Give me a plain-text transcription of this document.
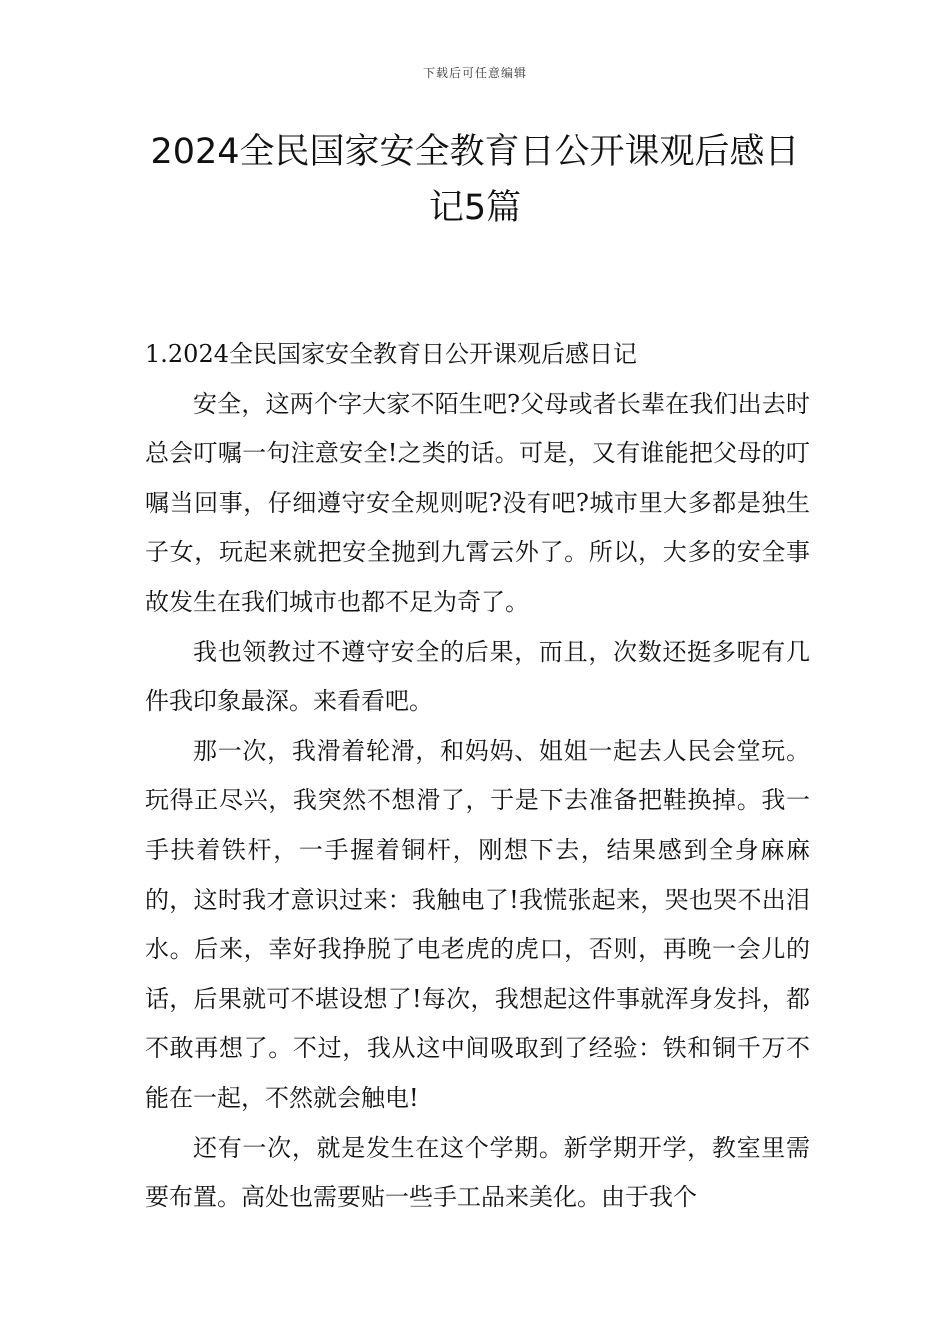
下载后可任意编辑
2024全民国家安全教育日公开课观后感日
记5篇

1.2024全民国家安全教育日公开课观后感日记

安全，这两个字大家不陌生吧?父母或者长辈在我们出去时总会叮嘱一句注意安全!之类的话。可是，又有谁能把父母的叮嘱当回事，仔细遵守安全规则呢?没有吧?城市里大多都是独生子女，玩起来就把安全抛到九霄云外了。所以，大多的安全事故发生在我们城市也都不足为奇了。

我也领教过不遵守安全的后果，而且，次数还挺多呢有几件我印象最深。来看看吧。

那一次，我滑着轮滑，和妈妈、姐姐一起去人民会堂玩。玩得正尽兴，我突然不想滑了，于是下去准备把鞋换掉。我一手扶着铁杆，一手握着铜杆，刚想下去，结果感到全身麻麻的，这时我才意识过来：我触电了!我慌张起来，哭也哭不出泪水。后来，幸好我挣脱了电老虎的虎口，否则，再晚一会儿的话，后果就可不堪设想了!每次，我想起这件事就浑身发抖，都不敢再想了。不过，我从这中间吸取到了经验：铁和铜千万不能在一起，不然就会触电!

还有一次，就是发生在这个学期。新学期开学，教室里需要布置。高处也需要贴一些手工品来美化。由于我个
